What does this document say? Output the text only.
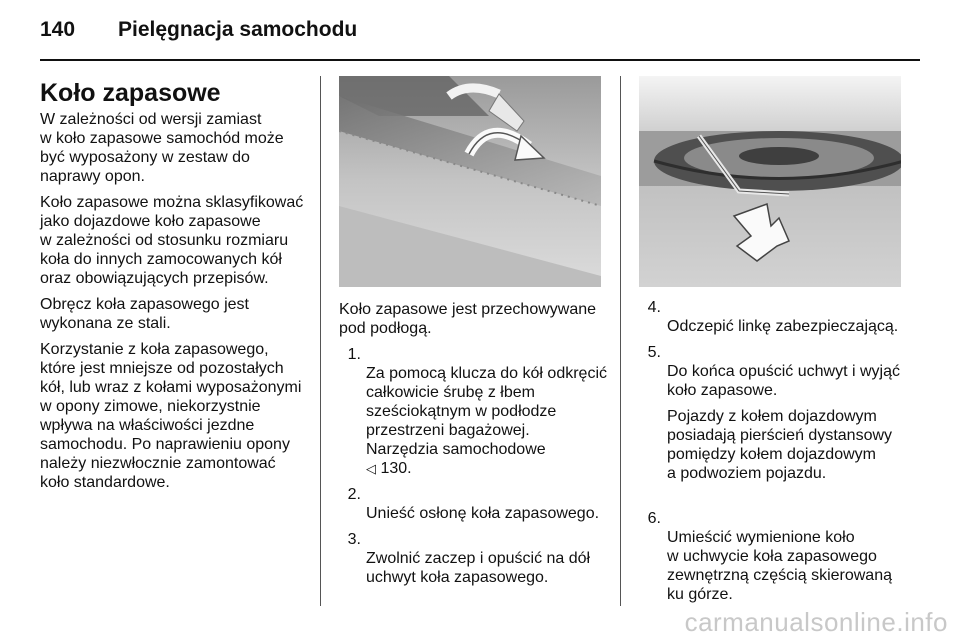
140 Pielęgnacja samochodu
Koło zapasowe

W zależności od wersji zamiast
w koło zapasowe samochód może
być wyposażony w zestaw do
naprawy opon.

Koło zapasowe można sklasyfikować
jako dojazdowe koło zapasowe
w zależności od stosunku rozmiaru
koła do innych zamocowanych kół
oraz obowiązujących przepisów.

Obręcz koła zapasowego jest
wykonana ze stali.

Korzystanie z koła zapasowego,
które jest mniejsze od pozostałych
kół, lub wraz z kołami wyposażonymi
w opony zimowe, niekorzystnie
wpływa na właściwości jezdne
samochodu. Po naprawieniu opony
należy niezwłocznie zamontować
koło standardowe.

Koło zapasowe jest przechowywane
pod podłogą.

1.
Za pomocą klucza do kół odkręcić
całkowicie śrubę z łbem
sześciokątnym w podłodze
przestrzeni bagażowej.
Narzędzia samochodowe
◁ 130.

2.
Unieść osłonę koła zapasowego.

3.
Zwolnić zaczep i opuścić na dół
uchwyt koła zapasowego.

4.
Odczepić linkę zabezpieczającą.

5.
Do końca opuścić uchwyt i wyjąć
koło zapasowe.

Pojazdy z kołem dojazdowym
posiadają pierścień dystansowy
pomiędzy kołem dojazdowym
a podwoziem pojazdu.

6.
Umieścić wymienione koło
w uchwycie koła zapasowego
zewnętrzną częścią skierowaną
ku górze.

carmanualsonline.info
